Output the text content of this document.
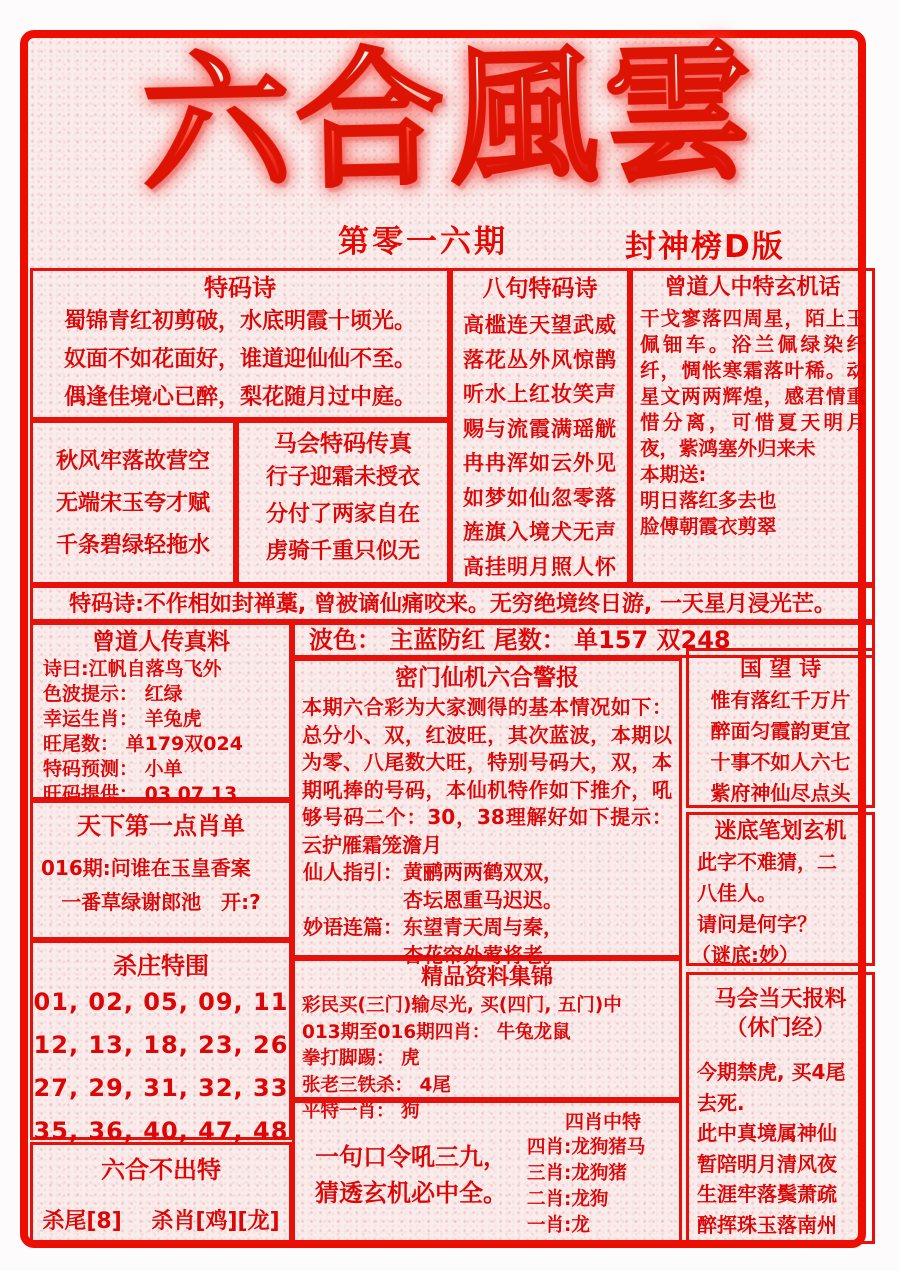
六合風雲
第零一六期	封神榜D版
特码诗
蜀锦青红初剪破，水底明霞十顷光。
奴面不如花面好，谁道迎仙仙不至。
偶逢佳境心已醉，梨花随月过中庭。
秋风牢落故营空
无端宋玉夸才赋
千条碧绿轻拖水
马会特码传真
行子迎霜未授衣
分付了两家自在
虏骑千重只似无
八句特码诗
高槛连天望武威
落花丛外风惊鹊
听水上红妆笑声
赐与流霞满瑶觥
冉冉浑如云外见
如梦如仙忽零落
旌旗入境犬无声
高挂明月照人怀
曾道人中特玄机话
干戈寥落四周星，陌上玉佩钿车。浴兰佩绿染纤纤，惆怅寒霜落叶稀。动星文两两辉煌，感君情重惜分离，可惜夏天明月夜，紫鸿塞外归来未
本期送:
明日落红多去也
脸傅朝霞衣剪翠
特码诗:不作相如封禅藁, 曾被谪仙痛咬来。无穷绝境终日游, 一天星月浸光芒。
曾道人传真料
诗曰:江帆自落鸟飞外
色波提示： 红绿
幸运生肖： 羊兔虎
旺尾数： 单179双024
特码预测： 小单
旺码提供： 03 07 13
天下第一点肖单
016期:问谁在玉皇香案
一番草绿谢郎池　开:?
杀庄特围
01, 02, 05, 09, 11
12, 13, 18, 23, 26
27, 29, 31, 32, 33
35, 36, 40, 47, 48
六合不出特
杀尾[8]　 杀肖[鸡][龙]
波色： 主蓝防红 尾数： 单157 双248
密门仙机六合警报
本期六合彩为大家测得的基本情况如下：总分小、双，红波旺，其次蓝波，本期以为零、八尾数大旺，特别号码大，双，本期吼捧的号码，本仙机特作如下推介，吼够号码二个：30，38理解好如下提示：云护雁霜笼澹月
仙人指引：黄鹂两两鹤双双，
杏坛恩重马迟迟。
妙语连篇：东望青天周与秦，
杏花帘外莺将老。
精品资料集锦
彩民买(三门)输尽光, 买(四门, 五门)中
013期至016期四肖： 牛兔龙鼠
拳打脚踢： 虎
张老三铁杀： 4尾
平特一肖： 狗
一句口令吼三九，
猜透玄机必中全。
四肖中特
四肖:龙狗猪马
三肖:龙狗猪
二肖:龙狗
一肖:龙
国 望 诗
惟有落红千万片
醉面匀霞韵更宜
十事不如人六七
紫府神仙尽点头
迷底笔划玄机
此字不难猜，二
八佳人。
请问是何字？
（谜底:妙）
马会当天报料
（休门经）
今期禁虎, 买4尾
去死.
此中真境属神仙
暂陪明月清风夜
生涯牢落鬓萧疏
醉挥珠玉落南州
